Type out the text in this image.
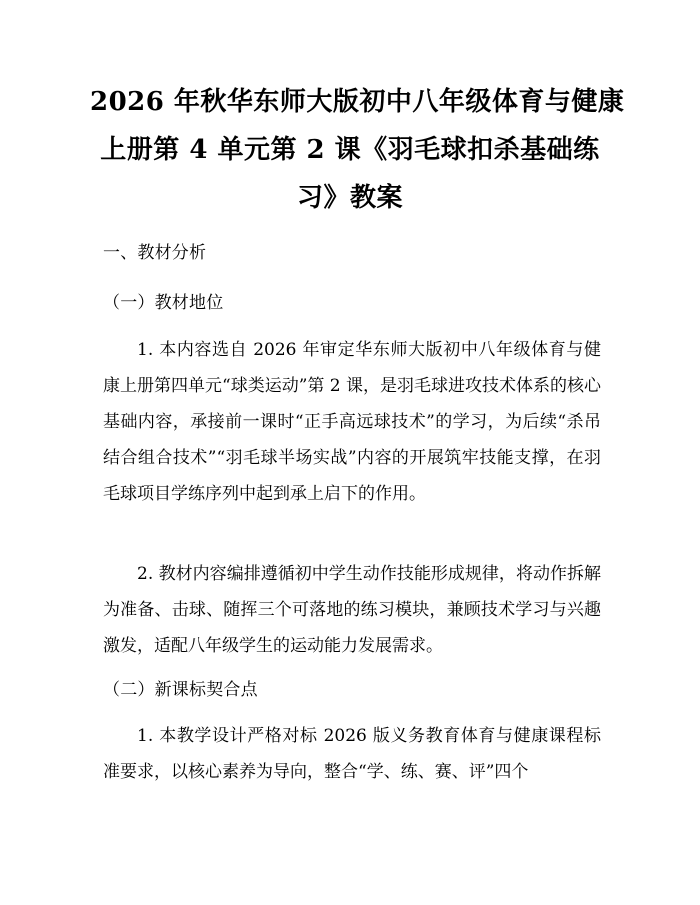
2026 年秋华东师大版初中八年级体育与健康
上册第 4 单元第 2 课《羽毛球扣杀基础练
习》教案
一、教材分析
（一）教材地位
1. 本内容选自 2026 年审定华东师大版初中八年级体育与健康上册第四单元“球类运动”第 2 课，是羽毛球进攻技术体系的核心基础内容，承接前一课时“正手高远球技术”的学习，为后续“杀吊结合组合技术”“羽毛球半场实战”内容的开展筑牢技能支撑，在羽毛球项目学练序列中起到承上启下的作用。
2. 教材内容编排遵循初中学生动作技能形成规律，将动作拆解为准备、击球、随挥三个可落地的练习模块，兼顾技术学习与兴趣激发，适配八年级学生的运动能力发展需求。
（二）新课标契合点
1. 本教学设计严格对标 2026 版义务教育体育与健康课程标准要求，以核心素养为导向，整合“学、练、赛、评”四个
